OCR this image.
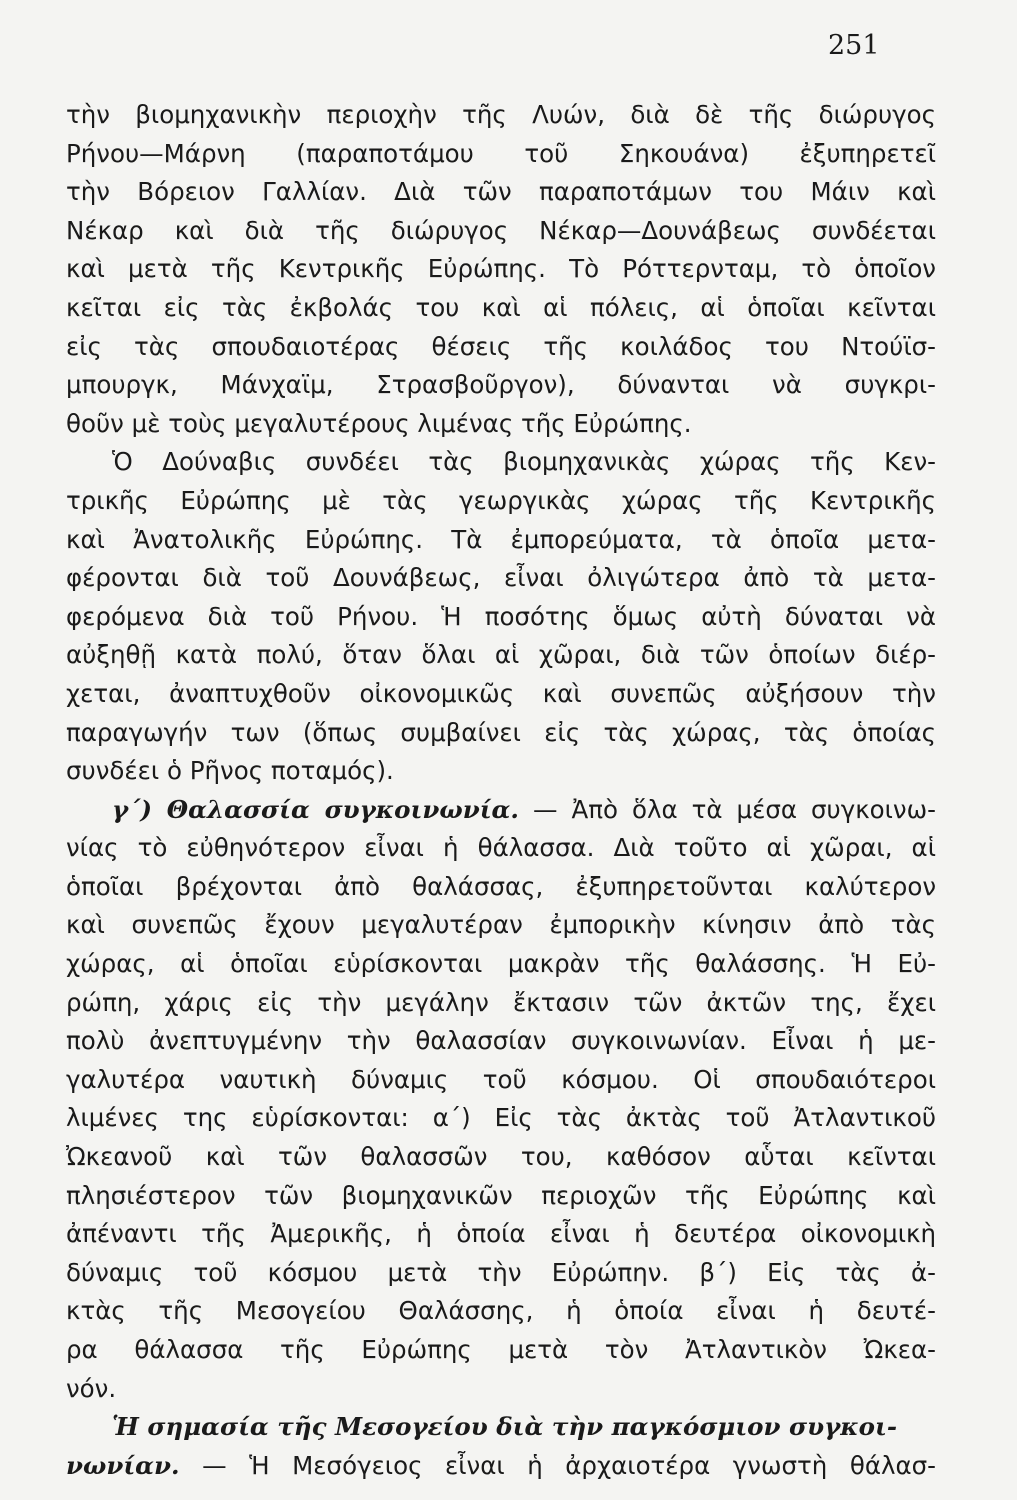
251
τὴν βιομηχανικὴν περιοχὴν τῆς Λυών, διὰ δὲ τῆς διώρυγος
Ρήνου—Μάρνη (παραποτάμου τοῦ Σηκουάνα) ἐξυπηρετεῖ
τὴν Βόρειον Γαλλίαν. Διὰ τῶν παραποτάμων του Μάιν καὶ
Νέκαρ καὶ διὰ τῆς διώρυγος Νέκαρ—Δουνάβεως συνδέεται
καὶ μετὰ τῆς Κεντρικῆς Εὐρώπης. Τὸ Ρόττερνταμ, τὸ ὁποῖον
κεῖται εἰς τὰς ἐκβολάς του καὶ αἱ πόλεις, αἱ ὁποῖαι κεῖνται
εἰς τὰς σπουδαιοτέρας θέσεις τῆς κοιλάδος του Ντούϊσ-
μπουργκ, Μάνχαϊμ, Στρασβοῦργον), δύνανται νὰ συγκρι-
θοῦν μὲ τοὺς μεγαλυτέρους λιμένας τῆς Εὐρώπης.
Ὁ Δούναβις συνδέει τὰς βιομηχανικὰς χώρας τῆς Κεν-
τρικῆς Εὐρώπης μὲ τὰς γεωργικὰς χώρας τῆς Κεντρικῆς
καὶ Ἀνατολικῆς Εὐρώπης. Τὰ ἐμπορεύματα, τὰ ὁποῖα μετα-
φέρονται διὰ τοῦ Δουνάβεως, εἶναι ὀλιγώτερα ἀπὸ τὰ μετα-
φερόμενα διὰ τοῦ Ρήνου. Ἡ ποσότης ὅμως αὐτὴ δύναται νὰ
αὐξηθῇ κατὰ πολύ, ὅταν ὅλαι αἱ χῶραι, διὰ τῶν ὁποίων διέρ-
χεται, ἀναπτυχθοῦν οἰκονομικῶς καὶ συνεπῶς αὐξήσουν τὴν
παραγωγήν των (ὅπως συμβαίνει εἰς τὰς χώρας, τὰς ὁποίας
συνδέει ὁ Ρῆνος ποταμός).
γ΄) Θαλασσία συγκοινωνία. — Ἀπὸ ὅλα τὰ μέσα συγκοινω-
νίας τὸ εὐθηνότερον εἶναι ἡ θάλασσα. Διὰ τοῦτο αἱ χῶραι, αἱ
ὁποῖαι βρέχονται ἀπὸ θαλάσσας, ἐξυπηρετοῦνται καλύτερον
καὶ συνεπῶς ἔχουν μεγαλυτέραν ἐμπορικὴν κίνησιν ἀπὸ τὰς
χώρας, αἱ ὁποῖαι εὑρίσκονται μακρὰν τῆς θαλάσσης. Ἡ Εὐ-
ρώπη, χάρις εἰς τὴν μεγάλην ἔκτασιν τῶν ἀκτῶν της, ἔχει
πολὺ ἀνεπτυγμένην τὴν θαλασσίαν συγκοινωνίαν. Εἶναι ἡ με-
γαλυτέρα ναυτικὴ δύναμις τοῦ κόσμου. Οἱ σπουδαιότεροι
λιμένες της εὑρίσκονται: α΄) Εἰς τὰς ἀκτὰς τοῦ Ἀτλαντικοῦ
Ὠκεανοῦ καὶ τῶν θαλασσῶν του, καθόσον αὗται κεῖνται
πλησιέστερον τῶν βιομηχανικῶν περιοχῶν τῆς Εὐρώπης καὶ
ἀπέναντι τῆς Ἀμερικῆς, ἡ ὁποία εἶναι ἡ δευτέρα οἰκονομικὴ
δύναμις τοῦ κόσμου μετὰ τὴν Εὐρώπην. β΄) Εἰς τὰς ἀ-
κτὰς τῆς Μεσογείου Θαλάσσης, ἡ ὁποία εἶναι ἡ δευτέ-
ρα θάλασσα τῆς Εὐρώπης μετὰ τὸν Ἀτλαντικὸν Ὠκεα-
νόν.
Ἡ σημασία τῆς Μεσογείου διὰ τὴν παγκόσμιον συγκοι-
νωνίαν. — Ἡ Μεσόγειος εἶναι ἡ ἀρχαιοτέρα γνωστὴ θάλασ-
